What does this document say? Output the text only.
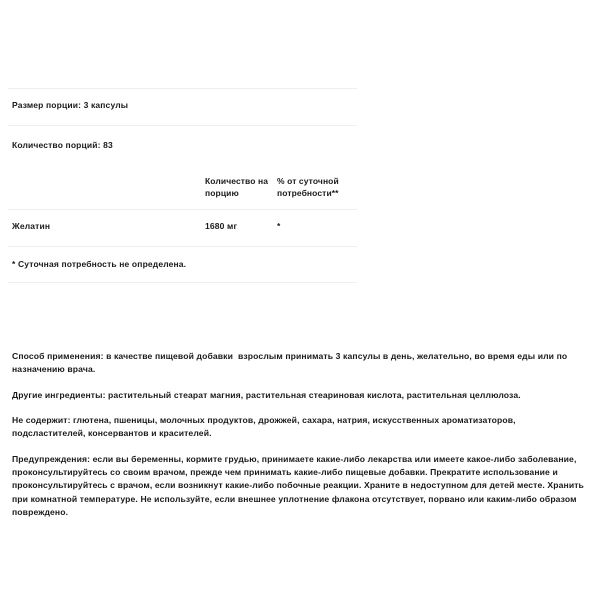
Размер порции: 3 капсулы
Количество порций: 83
Количество на порцию
% от суточной потребности**
Желатин	1680 мг	*
* Суточная потребность не определена.

Способ применения: в качестве пищевой добавки  взрослым принимать 3 капсулы в день, желательно, во время еды или по назначению врача.

Другие ингредиенты: растительный стеарат магния, растительная стеариновая кислота, растительная целлюлоза.

Не содержит: глютена, пшеницы, молочных продуктов, дрожжей, сахара, натрия, искусственных ароматизаторов, подсластителей, консервантов и красителей.

Предупреждения: если вы беременны, кормите грудью, принимаете какие-либо лекарства или имеете какое-либо заболевание, проконсультируйтесь со своим врачом, прежде чем принимать какие-либо пищевые добавки. Прекратите использование и проконсультируйтесь с врачом, если возникнут какие-либо побочные реакции. Храните в недоступном для детей месте. Хранить при комнатной температуре. Не используйте, если внешнее уплотнение флакона отсутствует, порвано или каким-либо образом повреждено.
